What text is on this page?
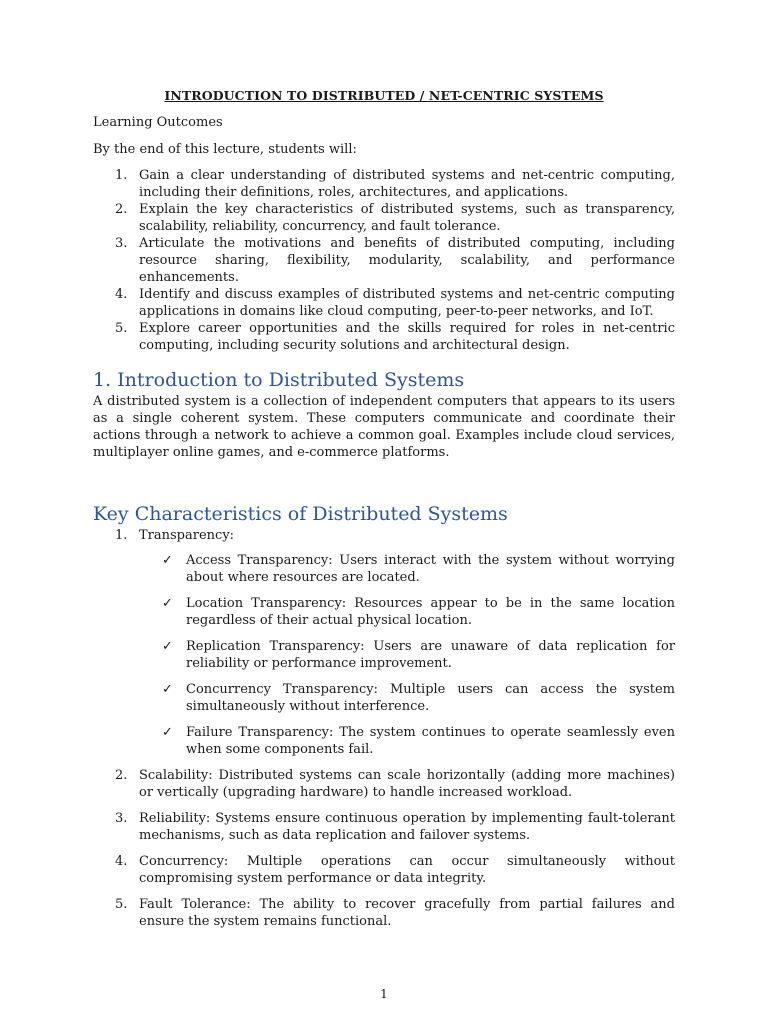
INTRODUCTION TO DISTRIBUTED / NET-CENTRIC SYSTEMS

Learning Outcomes

By the end of this lecture, students will:

1. Gain a clear understanding of distributed systems and net-centric computing, including their definitions, roles, architectures, and applications.
2. Explain the key characteristics of distributed systems, such as transparency, scalability, reliability, concurrency, and fault tolerance.
3. Articulate the motivations and benefits of distributed computing, including resource sharing, flexibility, modularity, scalability, and performance enhancements.
4. Identify and discuss examples of distributed systems and net-centric computing applications in domains like cloud computing, peer-to-peer networks, and IoT.
5. Explore career opportunities and the skills required for roles in net-centric computing, including security solutions and architectural design.
1. Introduction to Distributed Systems

A distributed system is a collection of independent computers that appears to its users as a single coherent system. These computers communicate and coordinate their actions through a network to achieve a common goal. Examples include cloud services, multiplayer online games, and e-commerce platforms.

Key Characteristics of Distributed Systems
1. Transparency:
✓ Access Transparency: Users interact with the system without worrying about where resources are located.
✓ Location Transparency: Resources appear to be in the same location regardless of their actual physical location.
✓ Replication Transparency: Users are unaware of data replication for reliability or performance improvement.
✓ Concurrency Transparency: Multiple users can access the system simultaneously without interference.
✓ Failure Transparency: The system continues to operate seamlessly even when some components fail.
2. Scalability: Distributed systems can scale horizontally (adding more machines) or vertically (upgrading hardware) to handle increased workload.
3. Reliability: Systems ensure continuous operation by implementing fault-tolerant mechanisms, such as data replication and failover systems.
4. Concurrency: Multiple operations can occur simultaneously without compromising system performance or data integrity.
5. Fault Tolerance: The ability to recover gracefully from partial failures and ensure the system remains functional.
1
